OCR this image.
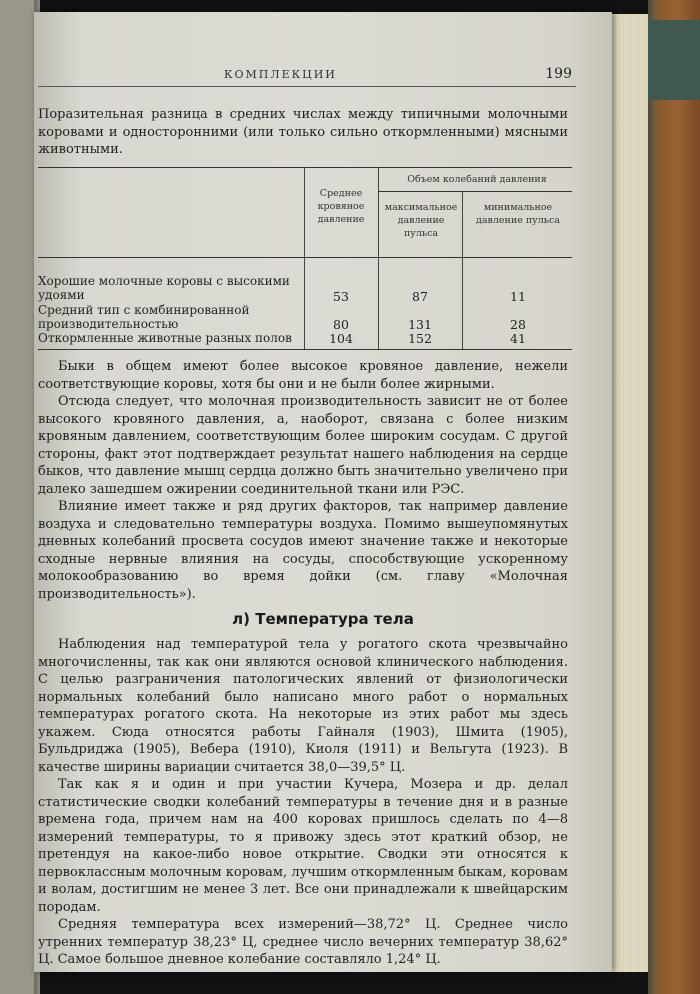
КОМПЛЕКЦИИ	199

Поразительная разница в средних числах между типичными молочными коровами и односторонними (или только сильно откормленными) мясными животными.

Среднее кровяное давление
Объем колебаний давления
максимальное давление пульса
минимальное давление пульса
Хорошие молочные коровы с высокими удоями	53	87	11
Средний тип с комбинированной производительностью	80	131	28
Откормленные животные разных полов	104	152	41

Быки в общем имеют более высокое кровяное давление, нежели соответствующие коровы, хотя бы они и не были более жирными.

Отсюда следует, что молочная производительность зависит не от более высокого кровяного давления, а, наоборот, связана с более низким кровяным давлением, соответствующим более широким сосудам. С другой стороны, факт этот подтверждает результат нашего наблюдения на сердце быков, что давление мышц сердца должно быть значительно увеличено при далеко зашедшем ожирении соединительной ткани или РЭС.

Влияние имеет также и ряд других факторов, так например давление воздуха и следовательно температуры воздуха. Помимо вышеупомянутых дневных колебаний просвета сосудов имеют значение также и некоторые сходные нервные влияния на сосуды, способствующие ускоренному молокообразованию во время дойки (см. главу «Молочная производительность»).

л) Температура тела

Наблюдения над температурой тела у рогатого скота чрезвычайно многочисленны, так как они являются основой клинического наблюдения. С целью разграничения патологических явлений от физиологически нормальных колебаний было написано много работ о нормальных температурах рогатого скота. На некоторые из этих работ мы здесь укажем. Сюда относятся работы Гайналя (1903), Шмита (1905), Бульдриджа (1905), Вебера (1910), Киоля (1911) и Вельгута (1923). В качестве ширины вариации считается 38,0—39,5° Ц.

Так как я и один и при участии Кучера, Мозера и др. делал статистические сводки колебаний температуры в течение дня и в разные времена года, причем нам на 400 коровах пришлось сделать по 4—8 измерений температуры, то я привожу здесь этот краткий обзор, не претендуя на какое-либо новое открытие. Сводки эти относятся к первоклассным молочным коровам, лучшим откормленным быкам, коровам и волам, достигшим не менее 3 лет. Все они принадлежали к швейцарским породам.

Средняя температура всех измерений—38,72° Ц. Среднее число утренних температур 38,23° Ц, среднее число вечерних температур 38,62° Ц. Самое большое дневное колебание составляло 1,24° Ц.
